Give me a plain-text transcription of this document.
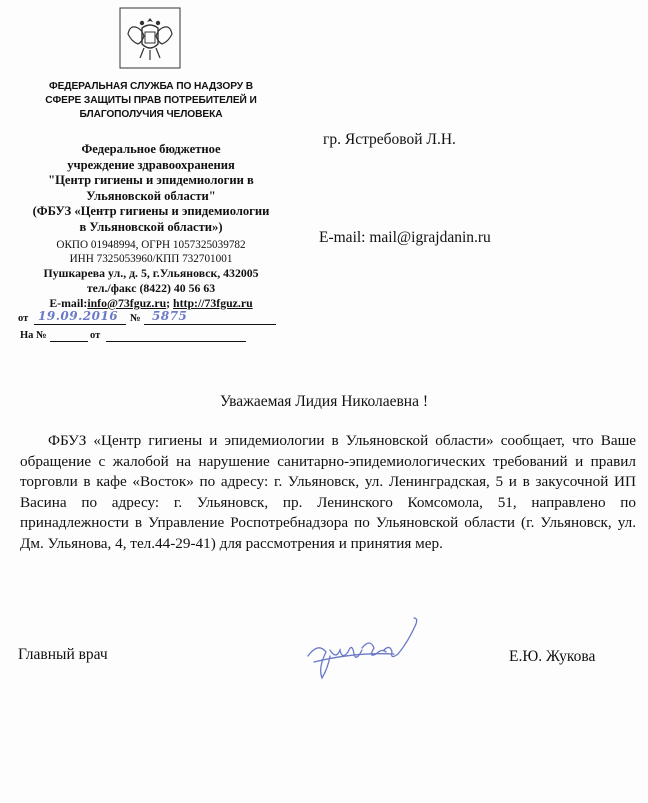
ФЕДЕРАЛЬНАЯ СЛУЖБА ПО НАДЗОРУ В
СФЕРЕ ЗАЩИТЫ ПРАВ ПОТРЕБИТЕЛЕЙ И
БЛАГОПОЛУЧИЯ ЧЕЛОВЕКА
Федеральное бюджетное
учреждение здравоохранения
"Центр гигиены и эпидемиологии в
Ульяновской области"
(ФБУЗ «Центр гигиены и эпидемиологии
в Ульяновской области»)
ОКПО 01948994, ОГРН 1057325039782
ИНН 7325053960/КПП 732701001
Пушкарева ул., д. 5, г.Ульяновск, 432005
тел./факс (8422) 40 56 63
E-mail:info@73fguz.ru; http://73fguz.ru
от 19.09.2016 № 5875
На №	от
гр. Ястребовой Л.Н.
E-mail: mail@igrajdanin.ru
Уважаемая Лидия Николаевна !
ФБУЗ «Центр гигиены и эпидемиологии в Ульяновской области» сообщает, что Ваше обращение с жалобой на нарушение санитарно-эпидемиологических требований и правил торговли в кафе «Восток» по адресу: г. Ульяновск, ул. Ленинградская, 5 и в закусочной ИП Васина по адресу: г. Ульяновск, пр. Ленинского Комсомола, 51, направлено по принадлежности в Управление Роспотребнадзора по Ульяновской области (г. Ульяновск, ул. Дм. Ульянова, 4, тел.44-29-41) для рассмотрения и принятия мер.
Главный врач	Е.Ю. Жукова
